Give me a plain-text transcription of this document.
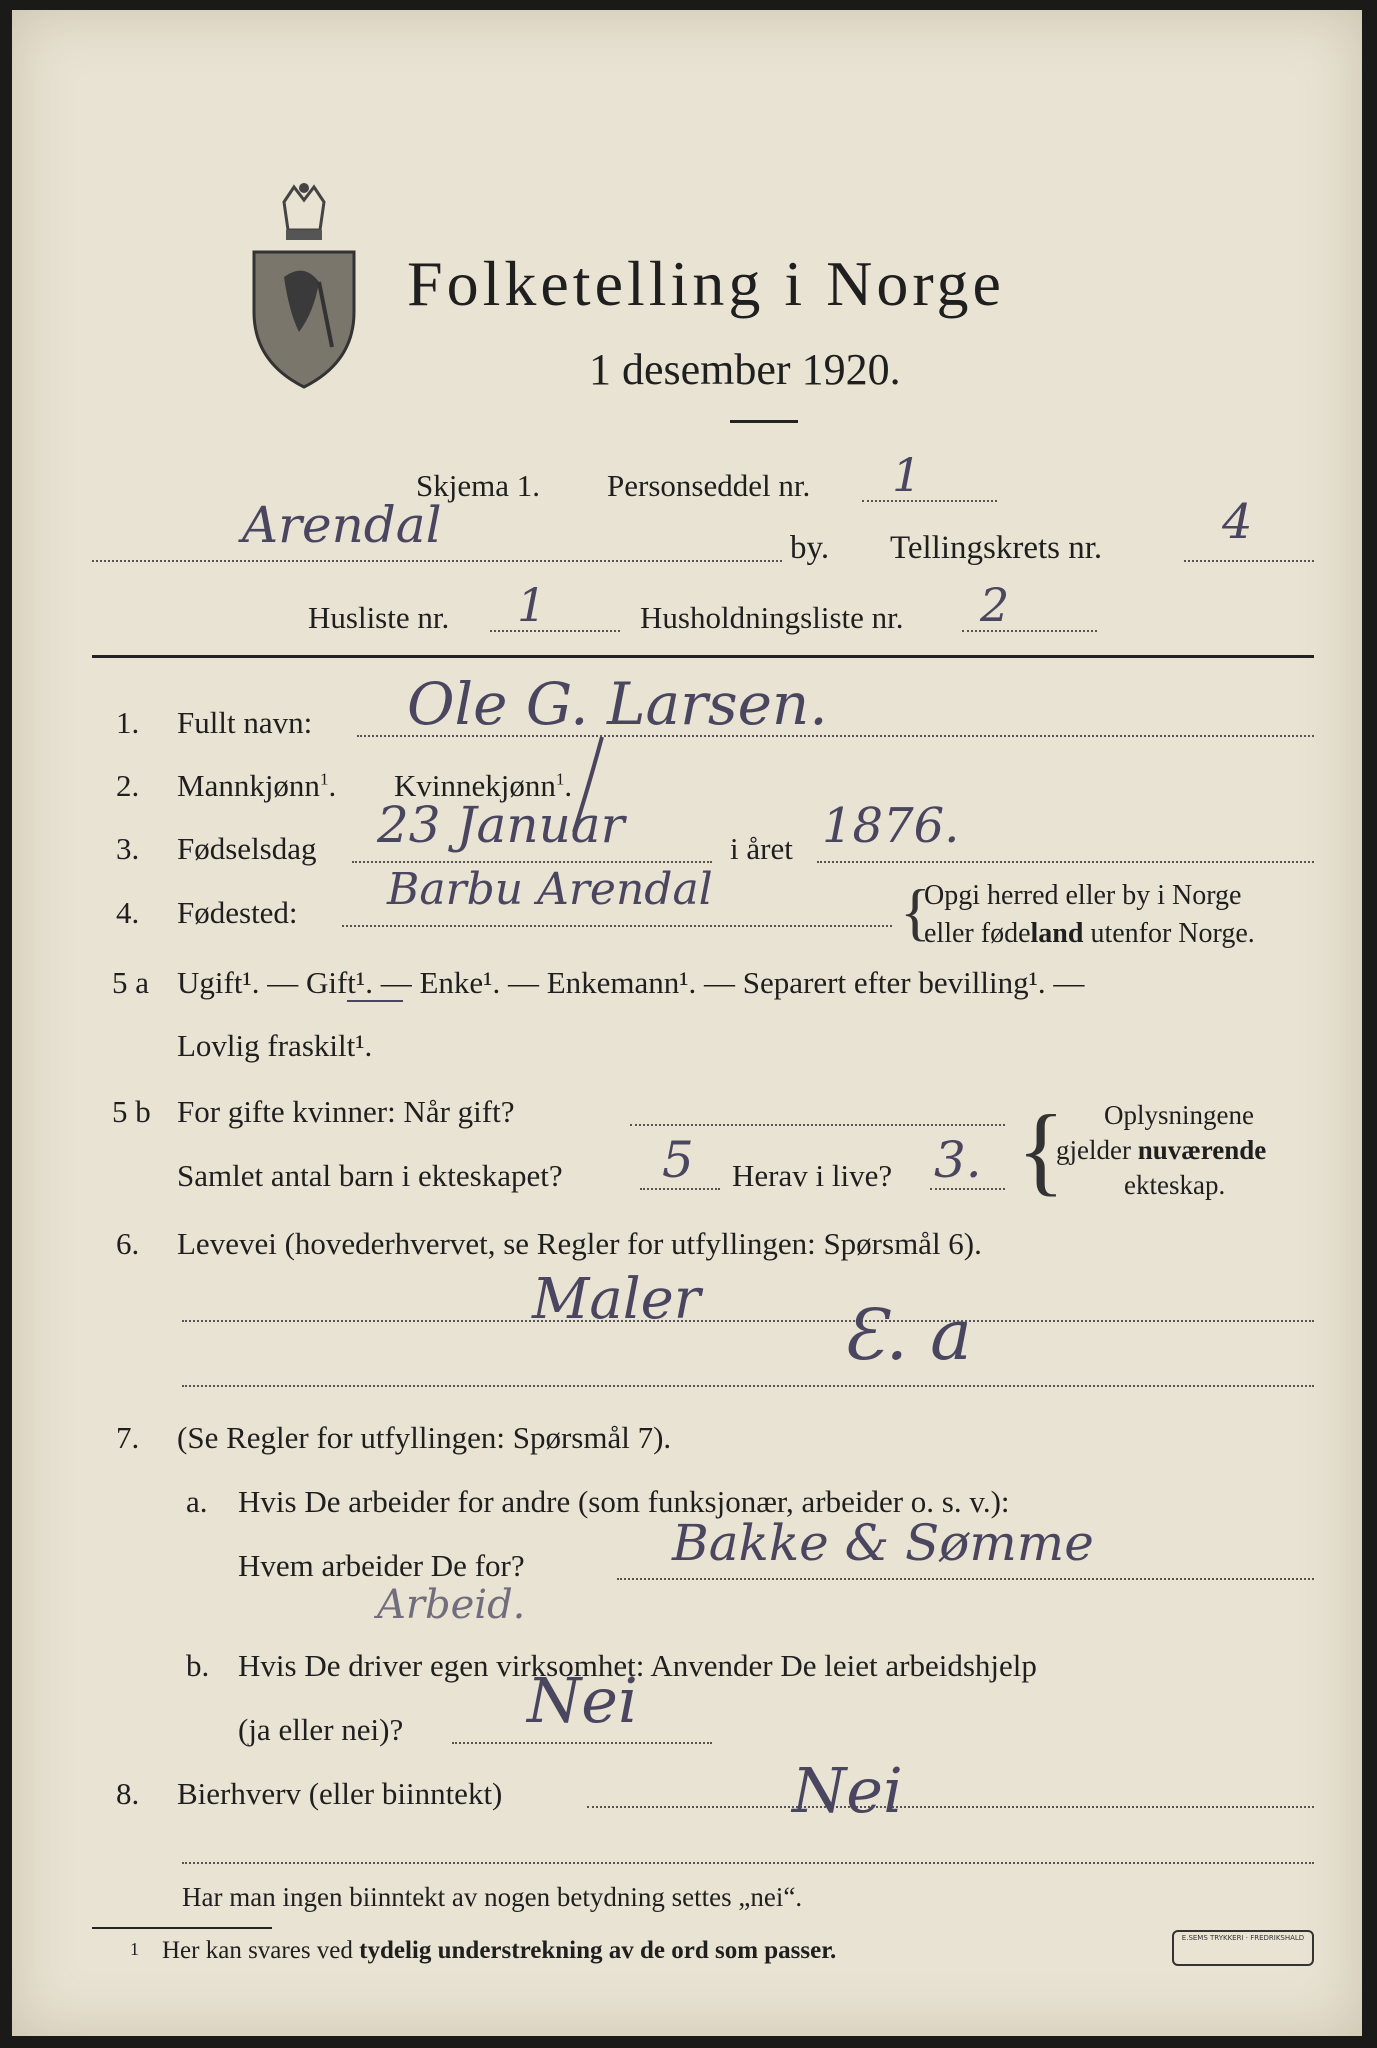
Folketelling i Norge
1 desember 1920.
Skjema 1. Personseddel nr. 1
Arendal	by. Tellingskrets nr. 4
Husliste nr. 1	Husholdningsliste nr. 2
1. Fullt navn: Ole G. Larsen.
2. Mannkjønn$^1$. Kvinnekjønn$^1$.
3. Fødselsdag 23 Januar	i året 1876.
4. Fødested: Barbu Arendal	{
Opgi herred eller by i Norge
eller fødeland utenfor Norge.
5 a Ugift¹. — Gift¹. — Enke¹. — Enkemann¹. — Separert efter bevilling¹. —
Lovlig fraskilt¹.
5 b For gifte kvinner: Når gift?
Samlet antal barn i ekteskapet? 5 Herav i live? 3. { Oplysningene
gjelder nuværende
ekteskap.
6. Levevei (hovederhvervet, se Regler for utfyllingen: Spørsmål 6).
Maler Ɛ. a
7. (Se Regler for utfyllingen: Spørsmål 7).
a. Hvis De arbeider for andre (som funksjonær, arbeider o. s. v.):
Hvem arbeider De for?	Bakke & Sømme
Arbeid.
b. Hvis De driver egen virksomhet: Anvender De leiet arbeidshjelp
(ja eller nei)? Nei
8. Bierhverv (eller biinntekt)	Nei
Har man ingen biinntekt av nogen betydning settes „nei“.
1 Her kan svares ved tydelig understrekning av de ord som passer.	E.SEMS TRYKKERI · FREDRIKSHALD
